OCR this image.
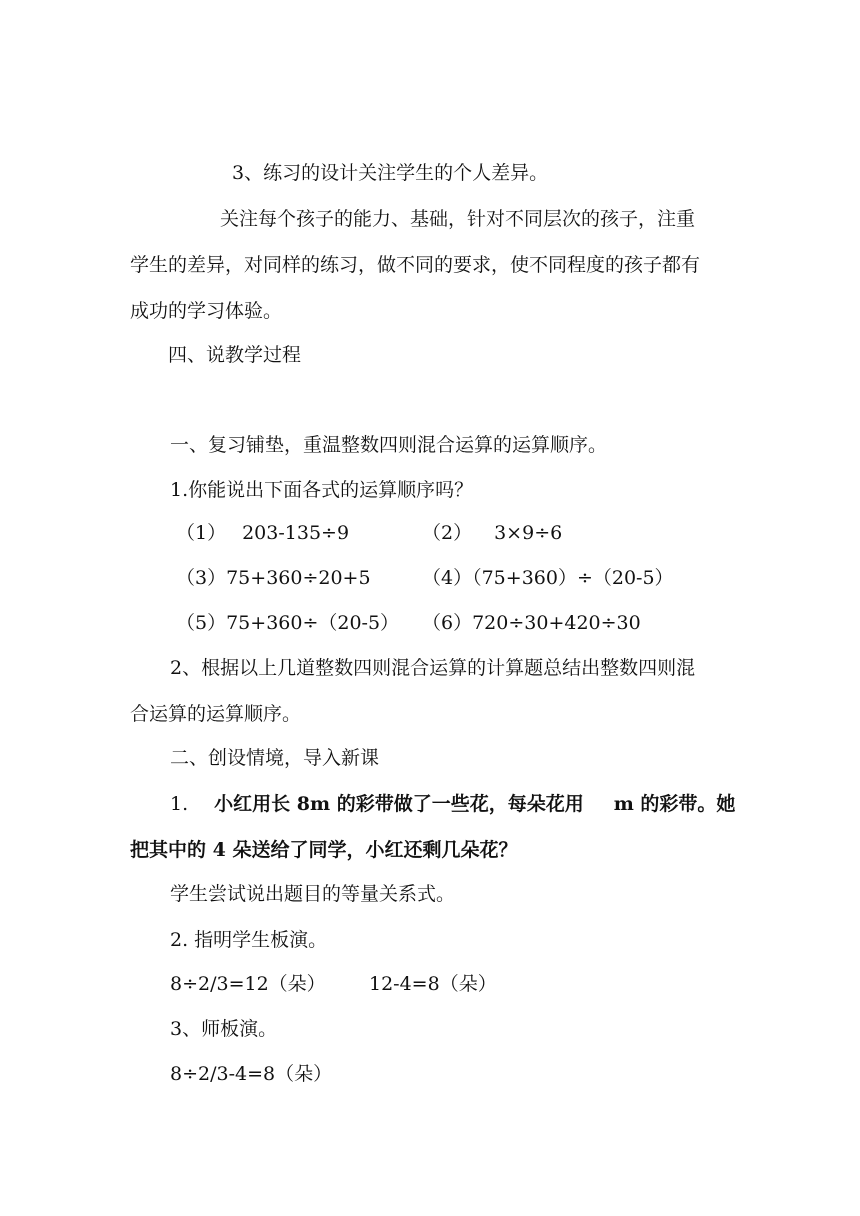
3、练习的设计关注学生的个人差异。
关注每个孩子的能力、基础，针对不同层次的孩子，注重
学生的差异，对同样的练习，做不同的要求，使不同程度的孩子都有
成功的学习体验。
四、说教学过程
一、复习铺垫，重温整数四则混合运算的运算顺序。
1.你能说出下面各式的运算顺序吗？
（1） 203-135÷9	（2） 3×9÷6
（3）75+360÷20+5	（4）（75+360）÷（20-5）
（5）75+360÷（20-5） （6）720÷30+420÷30
2、根据以上几道整数四则混合运算的计算题总结出整数四则混
合运算的运算顺序。
二、创设情境，导入新课
1. 小红用长 8m 的彩带做了一些花，每朵花用 m 的彩带。她
把其中的 4 朵送给了同学，小红还剩几朵花？
学生尝试说出题目的等量关系式。
2. 指明学生板演。
8÷2/3=12（朵） 12-4=8（朵）
3、师板演。
8÷2/3-4=8（朵）
